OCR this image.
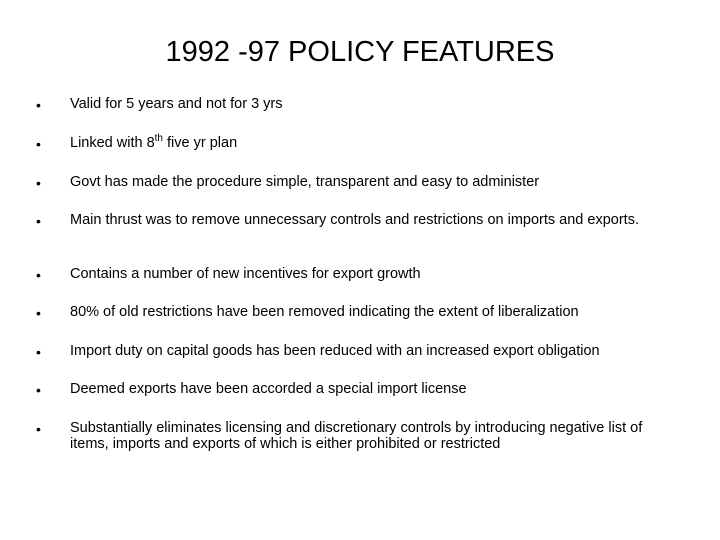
1992 -97 POLICY FEATURES
• Valid for 5 years and not for 3 yrs
• Linked with 8th five yr plan
• Govt has made the procedure simple, transparent and easy to administer
• Main thrust was to remove unnecessary controls and restrictions on imports and exports.
• Contains a number of new incentives for export growth
• 80% of old restrictions have been removed indicating the extent of liberalization
• Import duty on capital goods has been reduced with an increased export obligation
• Deemed exports have been accorded a special import license
• Substantially eliminates licensing and discretionary controls by introducing negative list of items, imports and exports of which is either prohibited or restricted
